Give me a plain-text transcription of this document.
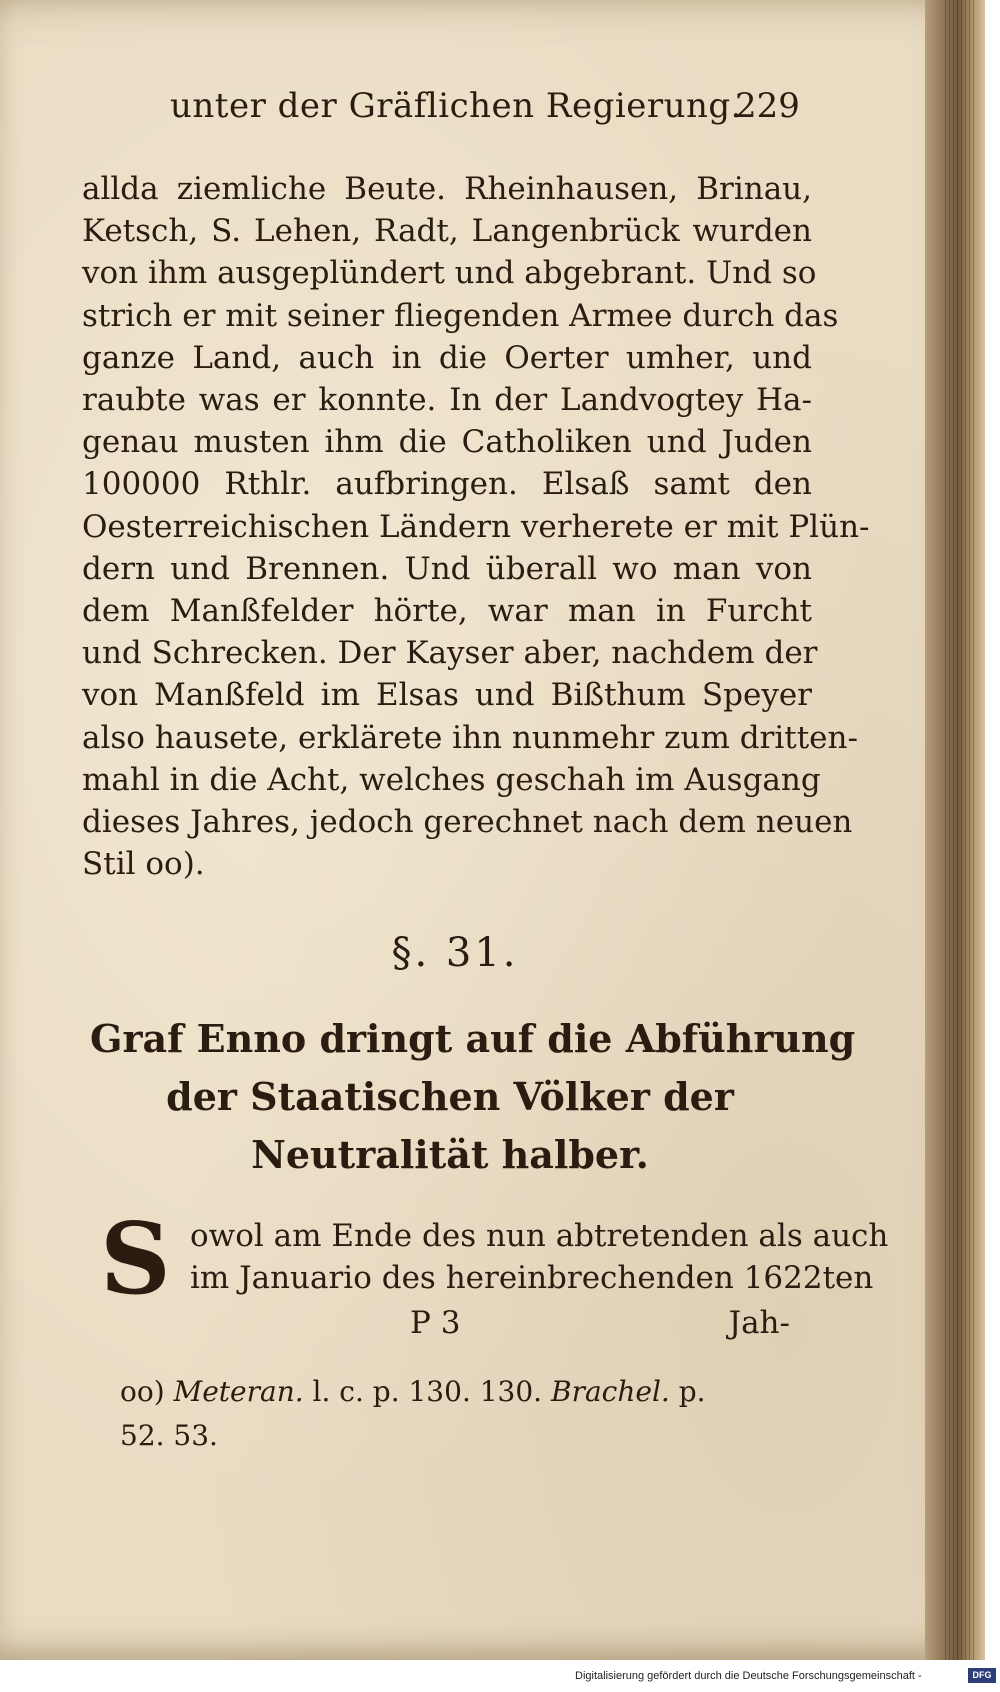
unter der Gräflichen Regierung.
229
allda ziemliche Beute. Rheinhausen, Brinau,
Ketsch, S. Lehen, Radt, Langenbrück wurden
von ihm ausgeplündert und abgebrant. Und so
strich er mit seiner fliegenden Armee durch das
ganze Land, auch in die Oerter umher, und
raubte was er konnte. In der Landvogtey Ha-
genau musten ihm die Catholiken und Juden
100000 Rthlr. aufbringen. Elsaß samt den
Oesterreichischen Ländern verherete er mit Plün-
dern und Brennen. Und überall wo man von
dem Manßfelder hörte, war man in Furcht
und Schrecken. Der Kayser aber, nachdem der
von Manßfeld im Elsas und Bißthum Speyer
also hausete, erklärete ihn nunmehr zum dritten-
mahl in die Acht, welches geschah im Ausgang
dieses Jahres, jedoch gerechnet nach dem neuen
Stil oo).
§. 31.
Graf Enno dringt auf die Abführung
der Staatischen Völker der
Neutralität halber.
S owol am Ende des nun abtretenden als auch
im Januario des hereinbrechenden 1622ten
P 3	Jah-
oo) Meteran. l. c. p. 130. 130. Brachel. p.
52. 53.
Digitalisierung gefördert durch die Deutsche Forschungsgemeinschaft -	DFG
